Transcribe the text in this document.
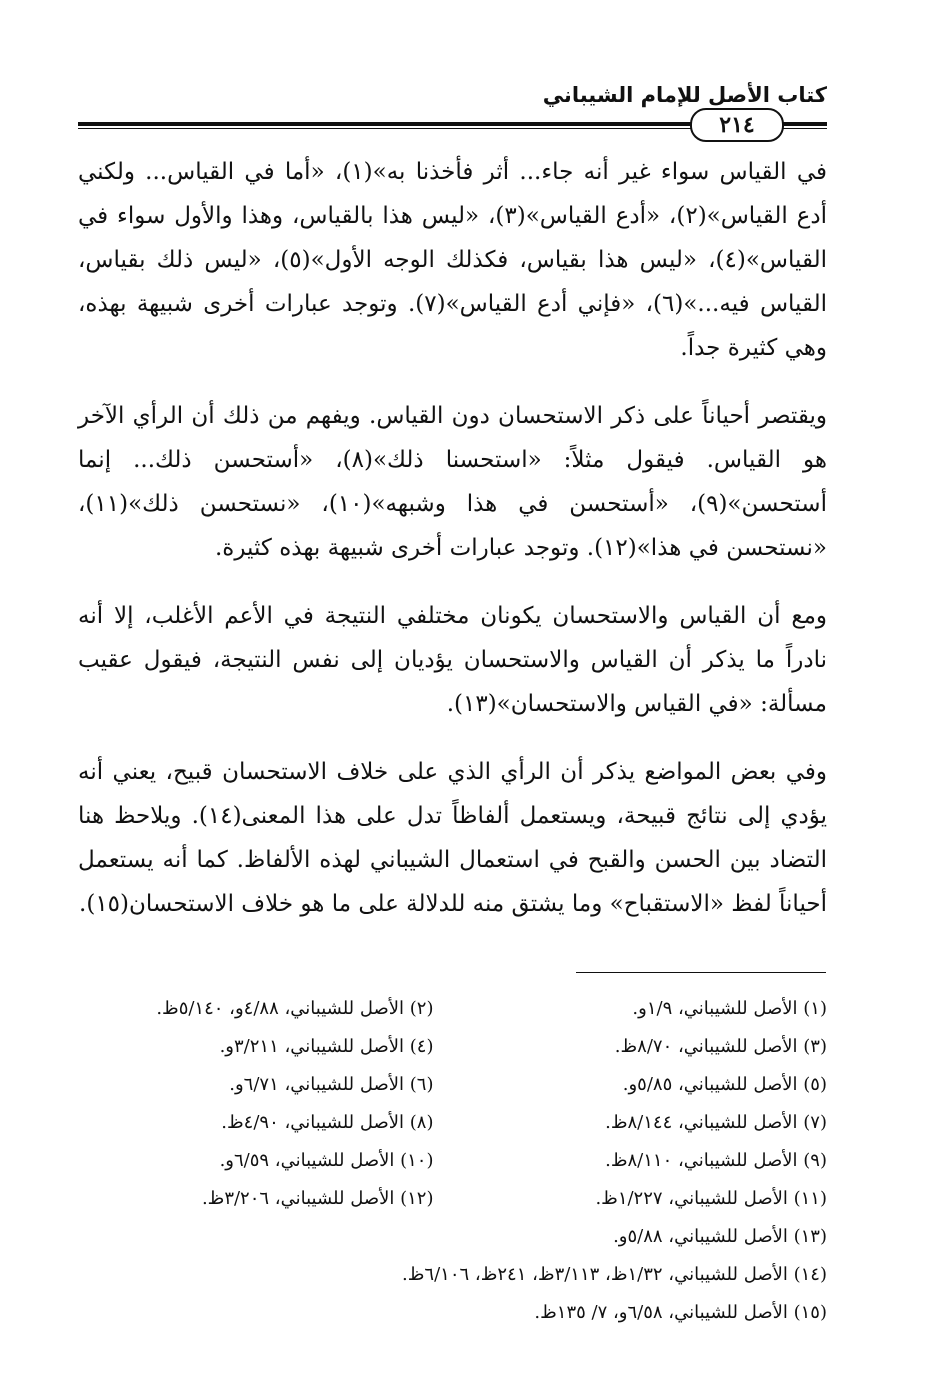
كتاب الأصل للإمام الشيباني
٢١٤

في القياس سواء غير أنه جاء... أثر فأخذنا به»(١)، «أما في القياس... ولكني أدع القياس»(٢)، «أدع القياس»(٣)، «ليس هذا بالقياس، وهذا والأول سواء في القياس»(٤)، «ليس هذا بقياس، فكذلك الوجه الأول»(٥)، «ليس ذلك بقياس، القياس فيه...»(٦)، «فإني أدع القياس»(٧). وتوجد عبارات أخرى شبيهة بهذه، وهي كثيرة جداً.

ويقتصر أحياناً على ذكر الاستحسان دون القياس. ويفهم من ذلك أن الرأي الآخر هو القياس. فيقول مثلاً: «استحسنا ذلك»(٨)، «أستحسن ذلك... إنما أستحسن»(٩)، «أستحسن في هذا وشبهه»(١٠)، «نستحسن ذلك»(١١)، «نستحسن في هذا»(١٢). وتوجد عبارات أخرى شبيهة بهذه كثيرة.

ومع أن القياس والاستحسان يكونان مختلفي النتيجة في الأعم الأغلب، إلا أنه نادراً ما يذكر أن القياس والاستحسان يؤديان إلى نفس النتيجة، فيقول عقيب مسألة: «في القياس والاستحسان»(١٣).

وفي بعض المواضع يذكر أن الرأي الذي على خلاف الاستحسان قبيح، يعني أنه يؤدي إلى نتائج قبيحة، ويستعمل ألفاظاً تدل على هذا المعنى(١٤). ويلاحظ هنا التضاد بين الحسن والقبح في استعمال الشيباني لهذه الألفاظ. كما أنه يستعمل أحياناً لفظ «الاستقباح» وما يشتق منه للدلالة على ما هو خلاف الاستحسان(١٥).

(١) الأصل للشيباني، ١/٩و.
(٢) الأصل للشيباني، ٤/٨٨و، ٥/١٤٠ظ.
(٣) الأصل للشيباني، ٨/٧٠ظ.
(٤) الأصل للشيباني، ٣/٢١١و.
(٥) الأصل للشيباني، ٥/٨٥و.
(٦) الأصل للشيباني، ٦/٧١و.
(٧) الأصل للشيباني، ٨/١٤٤ظ.
(٨) الأصل للشيباني، ٤/٩٠ظ.
(٩) الأصل للشيباني، ٨/١١٠ظ.
(١٠) الأصل للشيباني، ٦/٥٩و.
(١١) الأصل للشيباني، ١/٢٢٧ظ.
(١٢) الأصل للشيباني، ٣/٢٠٦ظ.
(١٣) الأصل للشيباني، ٥/٨٨و.
(١٤) الأصل للشيباني، ١/٣٢ظ، ٣/١١٣ظ، ٢٤١ظ، ٦/١٠٦ظ.
(١٥) الأصل للشيباني، ٦/٥٨و، ٧/ ١٣٥ظ.
